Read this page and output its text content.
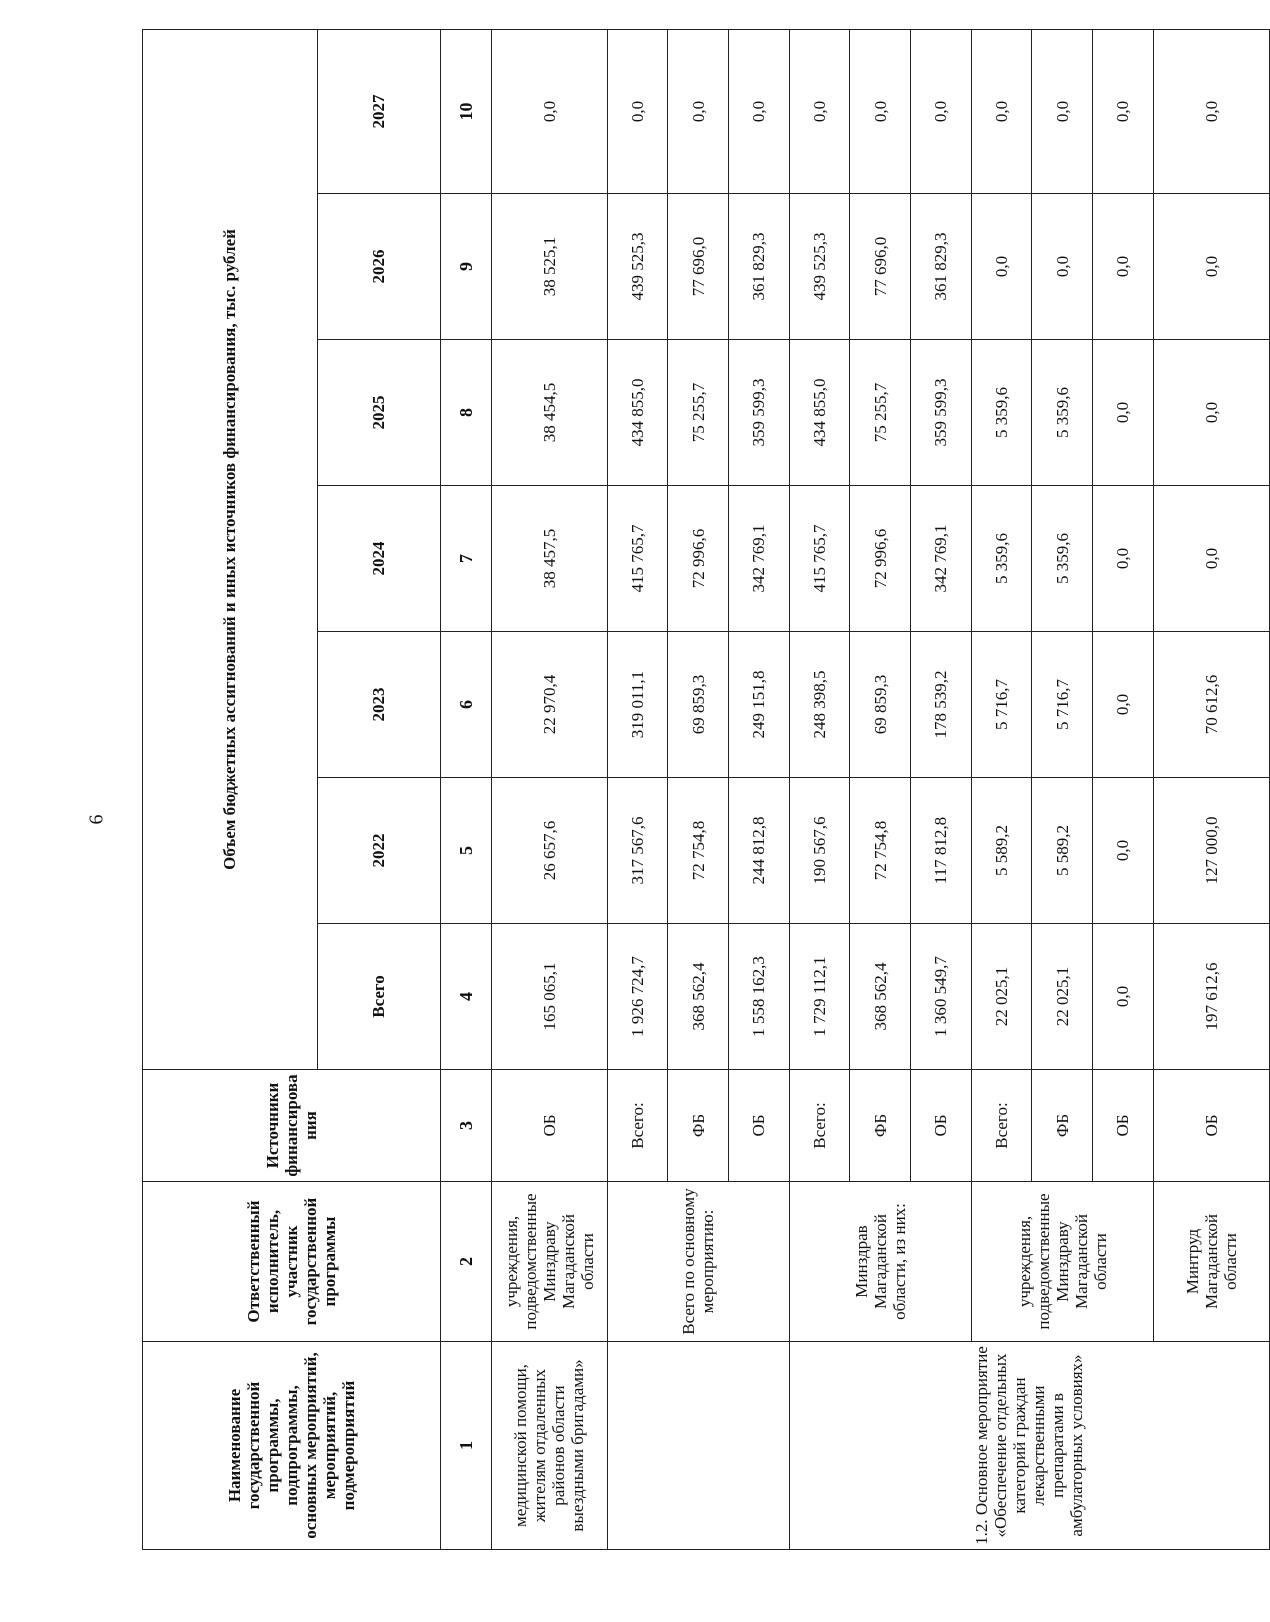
6
Наименование государственной программы, подпрограммы, основных мероприятий, мероприятий, подмероприятий	Ответственный исполнитель, участник государственной программы	Источники финансирова ния	Объем бюджетных ассигнований и иных источников финансирования, тыс. рублей						
			Всего	2022	2023	2024	2025	2026	2027
1	2	3	4	5	6	7	8	9	10
медицинской помощи, жителям отдаленных районов области выездными бригадами»	учреждения, подведомственные Минздраву Магаданской области	ОБ	165 065,1	26 657,6	22 970,4	38 457,5	38 454,5	38 525,1	0,0
	Всего по основному мероприятию:	Всего:	1 926 724,7	317 567,6	319 011,1	415 765,7	434 855,0	439 525,3	0,0
		ФБ	368 562,4	72 754,8	69 859,3	72 996,6	75 255,7	77 696,0	0,0
		ОБ	1 558 162,3	244 812,8	249 151,8	342 769,1	359 599,3	361 829,3	0,0
1.2. Основное мероприятие «Обеспечение отдельных категорий граждан лекарственными препаратами в амбулаторных условиях»	Минздрав Магаданской области, из них:	Всего:	1 729 112,1	190 567,6	248 398,5	415 765,7	434 855,0	439 525,3	0,0
		ФБ	368 562,4	72 754,8	69 859,3	72 996,6	75 255,7	77 696,0	0,0
		ОБ	1 360 549,7	117 812,8	178 539,2	342 769,1	359 599,3	361 829,3	0,0
	учреждения, подведомственные Минздраву Магаданской области	Всего:	22 025,1	5 589,2	5 716,7	5 359,6	5 359,6	0,0	0,0
		ФБ	22 025,1	5 589,2	5 716,7	5 359,6	5 359,6	0,0	0,0
		ОБ	0,0	0,0	0,0	0,0	0,0	0,0	0,0
	Минтруд Магаданской области	ОБ	197 612,6	127 000,0	70 612,6	0,0	0,0	0,0	0,0
